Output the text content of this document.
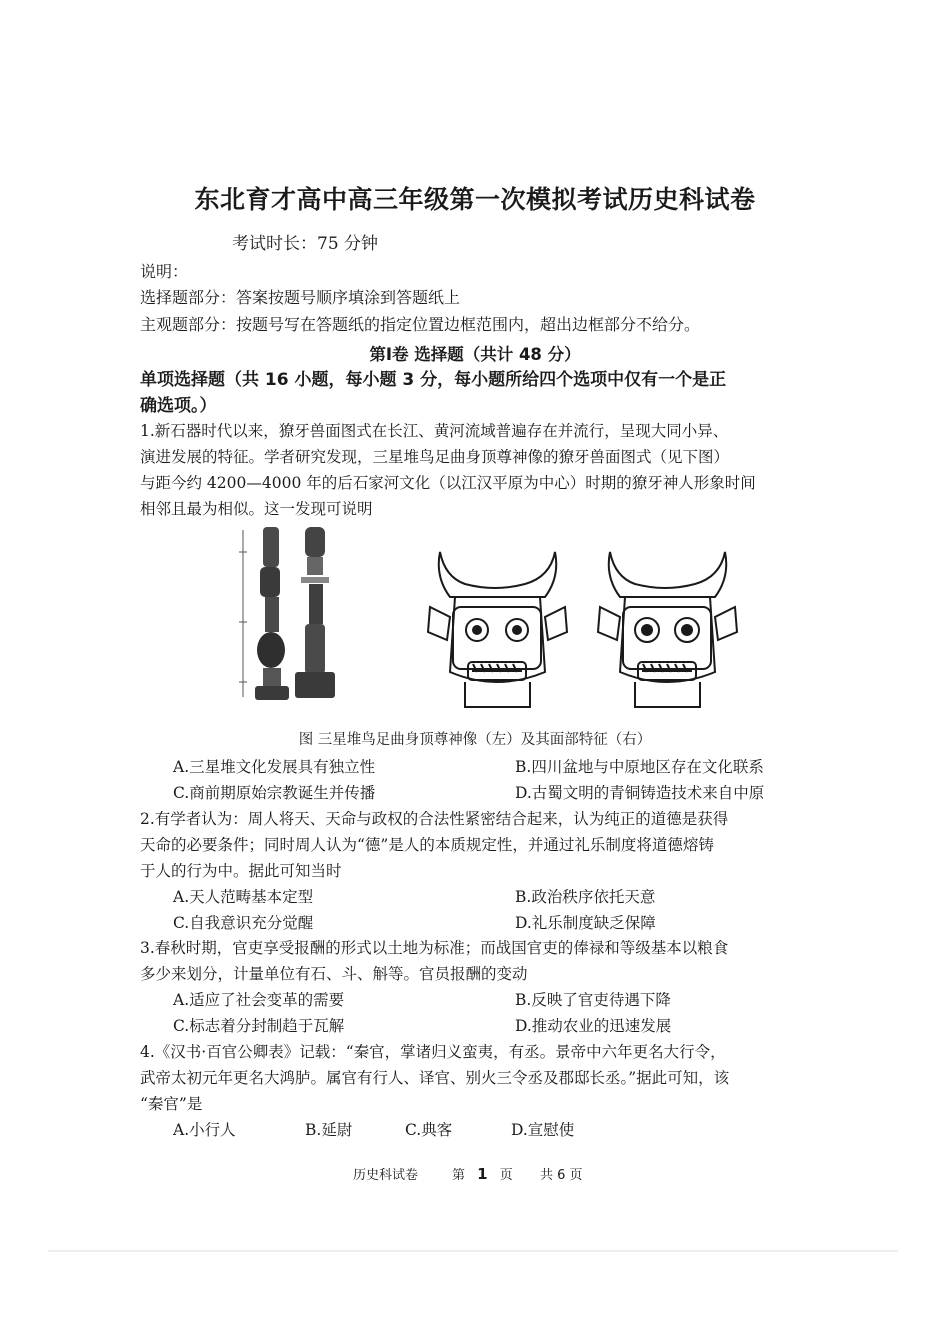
东北育才高中高三年级第一次模拟考试历史科试卷
考试时长：75 分钟
说明：
选择题部分：答案按题号顺序填涂到答题纸上
主观题部分：按题号写在答题纸的指定位置边框范围内，超出边框部分不给分。
第Ⅰ卷 选择题（共计 48 分）
单项选择题（共 16 小题，每小题 3 分，每小题所给四个选项中仅有一个是正
确选项。）
1.新石器时代以来，獠牙兽面图式在长江、黄河流域普遍存在并流行，呈现大同小异、
演进发展的特征。学者研究发现，三星堆鸟足曲身顶尊神像的獠牙兽面图式（见下图）
与距今约 4200—4000 年的后石家河文化（以江汉平原为中心）时期的獠牙神人形象时间
相邻且最为相似。这一发现可说明
图 三星堆鸟足曲身顶尊神像（左）及其面部特征（右）
A.三星堆文化发展具有独立性	B.四川盆地与中原地区存在文化联系
C.商前期原始宗教诞生并传播	D.古蜀文明的青铜铸造技术来自中原
2.有学者认为：周人将天、天命与政权的合法性紧密结合起来，认为纯正的道德是获得
天命的必要条件；同时周人认为“德”是人的本质规定性，并通过礼乐制度将道德熔铸
于人的行为中。据此可知当时
A.天人范畴基本定型	B.政治秩序依托天意
C.自我意识充分觉醒	D.礼乐制度缺乏保障
3.春秋时期，官吏享受报酬的形式以土地为标准；而战国官吏的俸禄和等级基本以粮食
多少来划分，计量单位有石、斗、斛等。官员报酬的变动
A.适应了社会变革的需要	B.反映了官吏待遇下降
C.标志着分封制趋于瓦解	D.推动农业的迅速发展
4.《汉书·百官公卿表》记载：“秦官，掌诸归义蛮夷，有丞。景帝中六年更名大行令，
武帝太初元年更名大鸿胪。属官有行人、译官、别火三令丞及郡邸长丞。”据此可知，该
“秦官”是
A.小行人	B.延尉	C.典客	D.宣慰使
历史科试卷	第 1 页 共 6 页
